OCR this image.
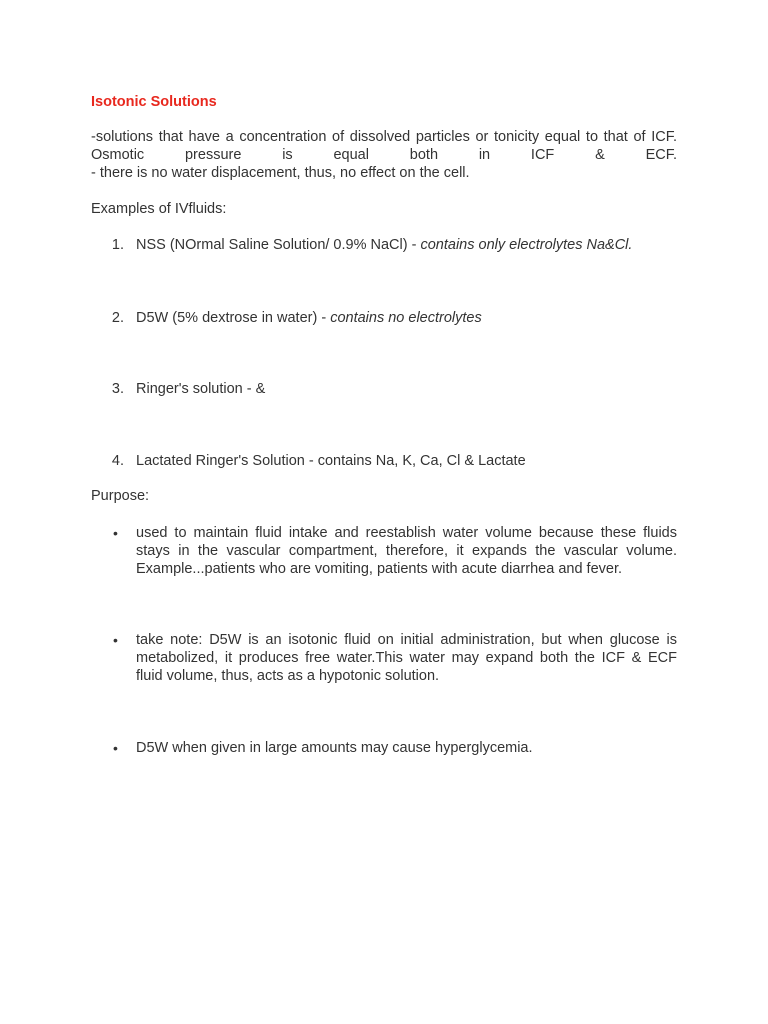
Isotonic Solutions
-solutions that have a concentration of dissolved particles or tonicity equal to that of ICF.
Osmotic pressure is equal both in ICF & ECF.
- there is no water displacement, thus, no effect on the cell.
Examples of IVfluids:
1. NSS (NOrmal Saline Solution/ 0.9% NaCl) - contains only electrolytes Na&Cl.
2. D5W (5% dextrose in water) - contains no electrolytes
3. Ringer's solution - &
4. Lactated Ringer's Solution - contains Na, K, Ca, Cl & Lactate
Purpose:
• used to maintain fluid intake and reestablish water volume because these fluids
stays in the vascular compartment, therefore, it expands the vascular volume.
Example...patients who are vomiting, patients with acute diarrhea and fever.
• take note: D5W is an isotonic fluid on initial administration, but when glucose is
metabolized, it produces free water.This water may expand both the ICF & ECF
fluid volume, thus, acts as a hypotonic solution.
• D5W when given in large amounts may cause hyperglycemia.
